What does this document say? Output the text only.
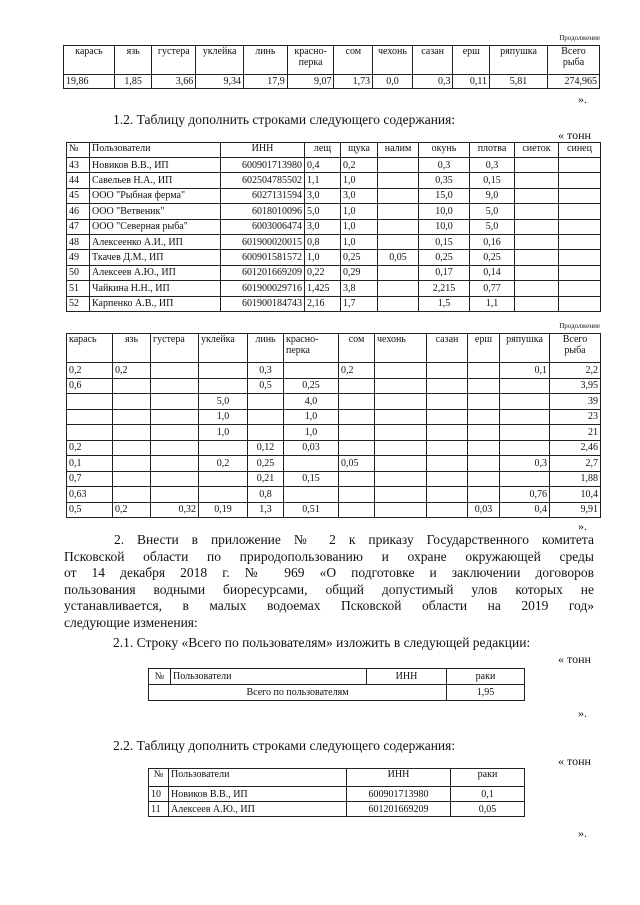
Продолжение
карась	язь	густера	уклейка	линь	красно-
перка	сом	чехонь	сазан	ерш	ряпушка	Всего
рыба
19,86	1,85	3,66	9,34	17,9	9,07	1,73	0,0	0,3	0,11	5,81	274,965
».
1.2. Таблицу дополнить строками следующего содержания:
« тонн
№	Пользователи	ИНН	лещ	щука	налим	окунь	плотва	сиеток	синец
43	Новиков В.В., ИП	600901713980	0,4	0,2		0,3	0,3		
44	Савельев Н.А., ИП	602504785502	1,1	1,0		0,35	0,15		
45	ООО "Рыбная ферма"	6027131594	3,0	3,0		15,0	9,0		
46	ООО "Ветвеник"	6018010096	5,0	1,0		10,0	5,0		
47	ООО "Северная рыба"	6003006474	3,0	1,0		10,0	5,0		
48	Алексеенко А.И., ИП	601900020015	0,8	1,0		0,15	0,16		
49	Ткачев Д.М., ИП	600901581572	1,0	0,25	0,05	0,25	0,25		
50	Алексеев А.Ю., ИП	601201669209	0,22	0,29		0,17	0,14		
51	Чайкина Н.Н., ИП	601900029716	1,425	3,8		2,215	0,77		
52	Карпенко А.В., ИП	601900184743	2,16	1,7		1,5	1,1		
Продолжение
карась	язь	густера	уклейка	линь	красно-
перка	сом	чехонь	сазан	ерш	ряпушка	Всего
рыба
0,2	0,2			0,3		0,2				0,1	2,2
0,6				0,5	0,25						3,95
			5,0		4,0						39
			1,0		1,0						23
			1,0		1,0						21
0,2				0,12	0,03						2,46
0,1			0,2	0,25		0,05				0,3	2,7
0,7				0,21	0,15						1,88
0,63				0,8						0,76	10,4
0,5	0,2	0,32	0,19	1,3	0,51				0,03	0,4	9,91
».
2. Внести в приложение № 2 к приказу Государственного комитета
Псковской области по природопользованию и охране окружающей среды
от 14 декабря 2018 г. № 969 «О подготовке и заключении договоров
пользования водными биоресурсами, общий допустимый улов которых не
устанавливается, в малых водоемах Псковской области на 2019 год»
следующие изменения:
2.1. Строку «Всего по пользователям» изложить в следующей редакции:
« тонн
№	Пользователи	ИНН	раки
Всего по пользователям			1,95
».
2.2. Таблицу дополнить строками следующего содержания:
« тонн
№	Пользователи	ИНН	раки
10	Новиков В.В., ИП	600901713980	0,1
11	Алексеев А.Ю., ИП	601201669209	0,05
».
